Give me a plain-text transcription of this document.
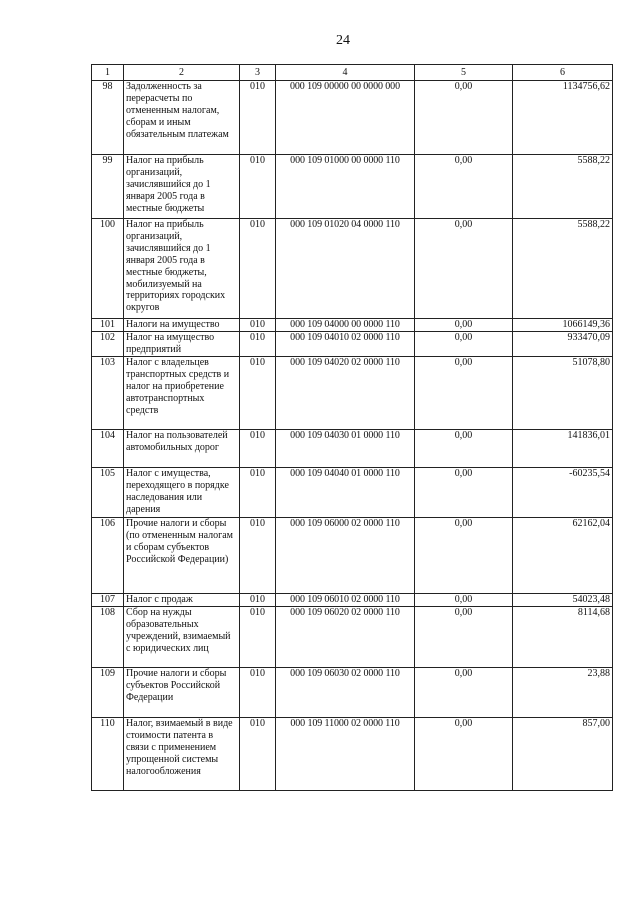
24
1	2	3	4	5	6
98	Задолженность за перерасчеты по отмененным налогам, сборам и иным обязательным платежам	010	000 109 00000 00 0000 000	0,00	1134756,62
99	Налог на прибыль организаций, зачислявшийся до 1 января 2005 года в местные бюджеты	010	000 109 01000 00 0000 110	0,00	5588,22
100	Налог на прибыль организаций, зачислявшийся до 1 января 2005 года в местные бюджеты, мобилизуемый на территориях городских округов	010	000 109 01020 04 0000 110	0,00	5588,22
101	Налоги на имущество	010	000 109 04000 00 0000 110	0,00	1066149,36
102	Налог на имущество предприятий	010	000 109 04010 02 0000 110	0,00	933470,09
103	Налог с владельцев транспортных средств и налог на приобретение автотранспортных средств	010	000 109 04020 02 0000 110	0,00	51078,80
104	Налог на пользователей автомобильных дорог	010	000 109 04030 01 0000 110	0,00	141836,01
105	Налог с имущества, переходящего в порядке наследования или дарения	010	000 109 04040 01 0000 110	0,00	-60235,54
106	Прочие налоги и сборы (по отмененным налогам и сборам субъектов Российской Федерации)	010	000 109 06000 02 0000 110	0,00	62162,04
107	Налог с продаж	010	000 109 06010 02 0000 110	0,00	54023,48
108	Сбор на нужды образовательных учреждений, взимаемый с юридических лиц	010	000 109 06020 02 0000 110	0,00	8114,68
109	Прочие налоги и сборы субъектов Российской Федерации	010	000 109 06030 02 0000 110	0,00	23,88
110	Налог, взимаемый в виде стоимости патента в связи с применением упрощенной системы налогообложения	010	000 109 11000 02 0000 110	0,00	857,00
